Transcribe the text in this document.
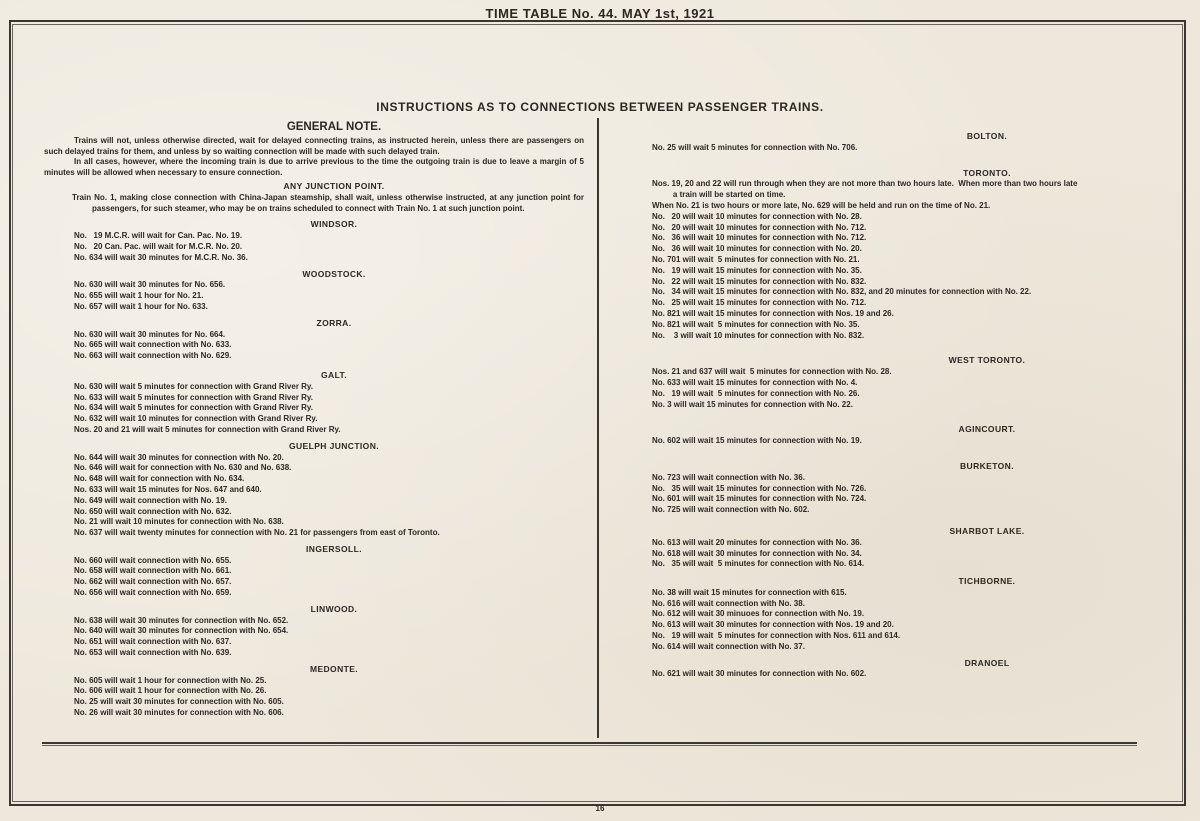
TIME TABLE No. 44. MAY 1st, 1921
INSTRUCTIONS AS TO CONNECTIONS BETWEEN PASSENGER TRAINS.
16
GENERAL NOTE.

Trains will not, unless otherwise directed, wait for delayed connecting trains, as instructed herein, unless there are passengers on such delayed trains for them, and unless by so waiting connection will be made with such delayed train.

In all cases, however, where the incoming train is due to arrive previous to the time the outgoing train is due to leave a margin of 5 minutes will be allowed when necessary to ensure connection.

ANY JUNCTION POINT.

Train No. 1, making close connection with China-Japan steamship, shall wait, unless otherwise instructed, at any junction point for passengers, for such steamer, who may be on trains scheduled to connect with Train No. 1 at such junction point.

WINDSOR.
No.   19 M.C.R. will wait for Can. Pac. No. 19.
No.   20 Can. Pac. will wait for M.C.R. No. 20.
No. 634 will wait 30 minutes for M.C.R. No. 36.
WOODSTOCK.
No. 630 will wait 30 minutes for No. 656.
No. 655 will wait 1 hour for No. 21.
No. 657 will wait 1 hour for No. 633.
ZORRA.
No. 630 will wait 30 minutes for No. 664.
No. 665 will wait connection with No. 633.
No. 663 will wait connection with No. 629.
GALT.
No. 630 will wait 5 minutes for connection with Grand River Ry.
No. 633 will wait 5 minutes for connection with Grand River Ry.
No. 634 will wait 5 minutes for connection with Grand River Ry.
No. 632 will wait 10 minutes for connection with Grand River Ry.
Nos. 20 and 21 will wait 5 minutes for connection with Grand River Ry.
GUELPH JUNCTION.
No. 644 will wait 30 minutes for connection with No. 20.
No. 646 will wait for connection with No. 630 and No. 638.
No. 648 will wait for connection with No. 634.
No. 633 will wait 15 minutes for Nos. 647 and 640.
No. 649 will wait connection with No. 19.
No. 650 will wait connection with No. 632.
No. 21 will wait 10 minutes for connection with No. 638.
No. 637 will wait twenty minutes for connection with No. 21 for passengers from east of Toronto.
INGERSOLL.
No. 660 will wait connection with No. 655.
No. 658 will wait connection with No. 661.
No. 662 will wait connection with No. 657.
No. 656 will wait connection with No. 659.
LINWOOD.
No. 638 will wait 30 minutes for connection with No. 652.
No. 640 will wait 30 minutes for connection with No. 654.
No. 651 will wait connection with No. 637.
No. 653 will wait connection with No. 639.
MEDONTE.
No. 605 will wait 1 hour for connection with No. 25.
No. 606 will wait 1 hour for connection with No. 26.
No. 25 will wait 30 minutes for connection with No. 605.
No. 26 will wait 30 minutes for connection with No. 606.
BOLTON.
No. 25 will wait 5 minutes for connection with No. 706.
TORONTO.
Nos. 19, 20 and 22 will run through when they are not more than two hours late.  When more than two hours late
a train will be started on time.
When No. 21 is two hours or more late, No. 629 will be held and run on the time of No. 21.
No.   20 will wait 10 minutes for connection with No. 28.
No.   20 will wait 10 minutes for connection with No. 712.
No.   36 will wait 10 minutes for connection with No. 712.
No.   36 will wait 10 minutes for connection with No. 20.
No. 701 will wait  5 minutes for connection with No. 21.
No.   19 will wait 15 minutes for connection with No. 35.
No.   22 will wait 15 minutes for connection with No. 832.
No.   34 will wait 15 minutes for connection with No. 832, and 20 minutes for connection with No. 22.
No.   25 will wait 15 minutes for connection with No. 712.
No. 821 will wait 15 minutes for connection with Nos. 19 and 26.
No. 821 will wait  5 minutes for connection with No. 35.
No.    3 will wait 10 minutes for connection with No. 832.
WEST TORONTO.
Nos. 21 and 637 will wait  5 minutes for connection with No. 28.
No. 633 will wait 15 minutes for connection with No. 4.
No.   19 will wait  5 minutes for connection with No. 26.
No. 3 will wait 15 minutes for connection with No. 22.
AGINCOURT.
No. 602 will wait 15 minutes for connection with No. 19.
BURKETON.
No. 723 will wait connection with No. 36.
No.   35 will wait 15 minutes for connection with No. 726.
No. 601 will wait 15 minutes for connection with No. 724.
No. 725 will wait connection with No. 602.
SHARBOT LAKE.
No. 613 will wait 20 minutes for connection with No. 36.
No. 618 will wait 30 minutes for connection with No. 34.
No.   35 will wait  5 minutes for connection with No. 614.
TICHBORNE.
No. 38 will wait 15 minutes for connection with 615.
No. 616 will wait connection with No. 38.
No. 612 will wait 30 minuoes for connection with No. 19.
No. 613 will wait 30 minutes for connection with Nos. 19 and 20.
No.   19 will wait  5 minutes for connection with Nos. 611 and 614.
No. 614 will wait connection with No. 37.
DRANOEL
No. 621 will wait 30 minutes for connection with No. 602.
